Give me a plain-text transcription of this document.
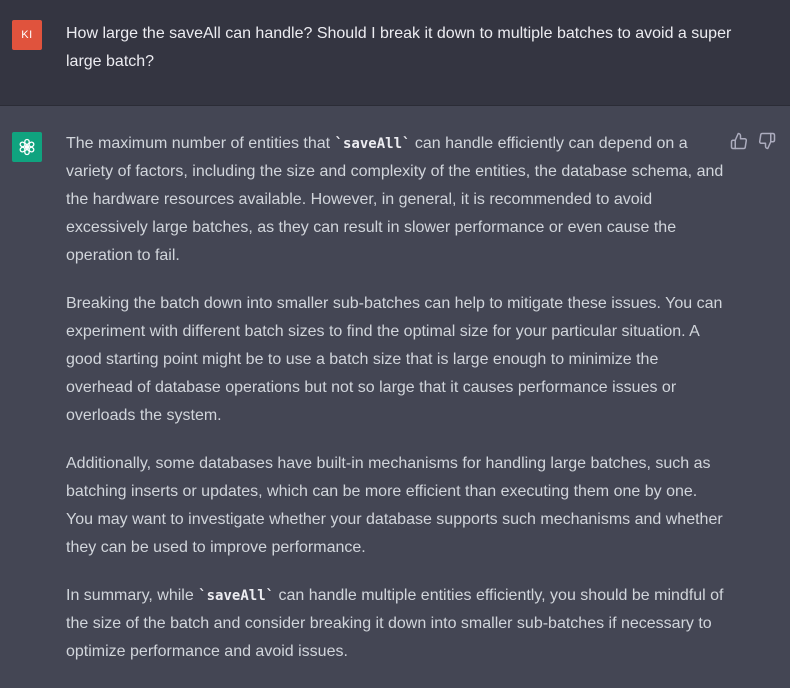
KI How large the saveAll can handle? Should I break it down to multiple batches to avoid a super large batch?

The maximum number of entities that `saveAll` can handle efficiently can depend on a variety of factors, including the size and complexity of the entities, the database schema, and the hardware resources available. However, in general, it is recommended to avoid excessively large batches, as they can result in slower performance or even cause the operation to fail.

Breaking the batch down into smaller sub-batches can help to mitigate these issues. You can experiment with different batch sizes to find the optimal size for your particular situation. A good starting point might be to use a batch size that is large enough to minimize the overhead of database operations but not so large that it causes performance issues or overloads the system.

Additionally, some databases have built-in mechanisms for handling large batches, such as batching inserts or updates, which can be more efficient than executing them one by one. You may want to investigate whether your database supports such mechanisms and whether they can be used to improve performance.

In summary, while `saveAll` can handle multiple entities efficiently, you should be mindful of the size of the batch and consider breaking it down into smaller sub-batches if necessary to optimize performance and avoid issues.
